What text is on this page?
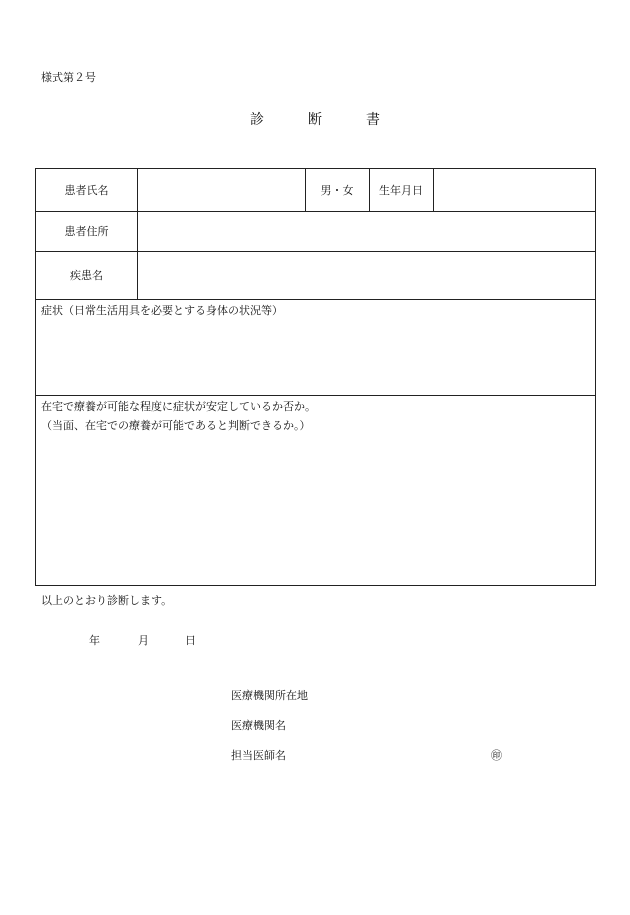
様式第２号
診	断	書
患者氏名	男・女	生年月日
患者住所
疾患名
症状（日常生活用具を必要とする身体の状況等）
在宅で療養が可能な程度に症状が安定しているか否か。
（当面、在宅での療養が可能であると判断できるか。）
以上のとおり診断します。
年	月	日
医療機関所在地
医療機関名
担当医師名	㊞
